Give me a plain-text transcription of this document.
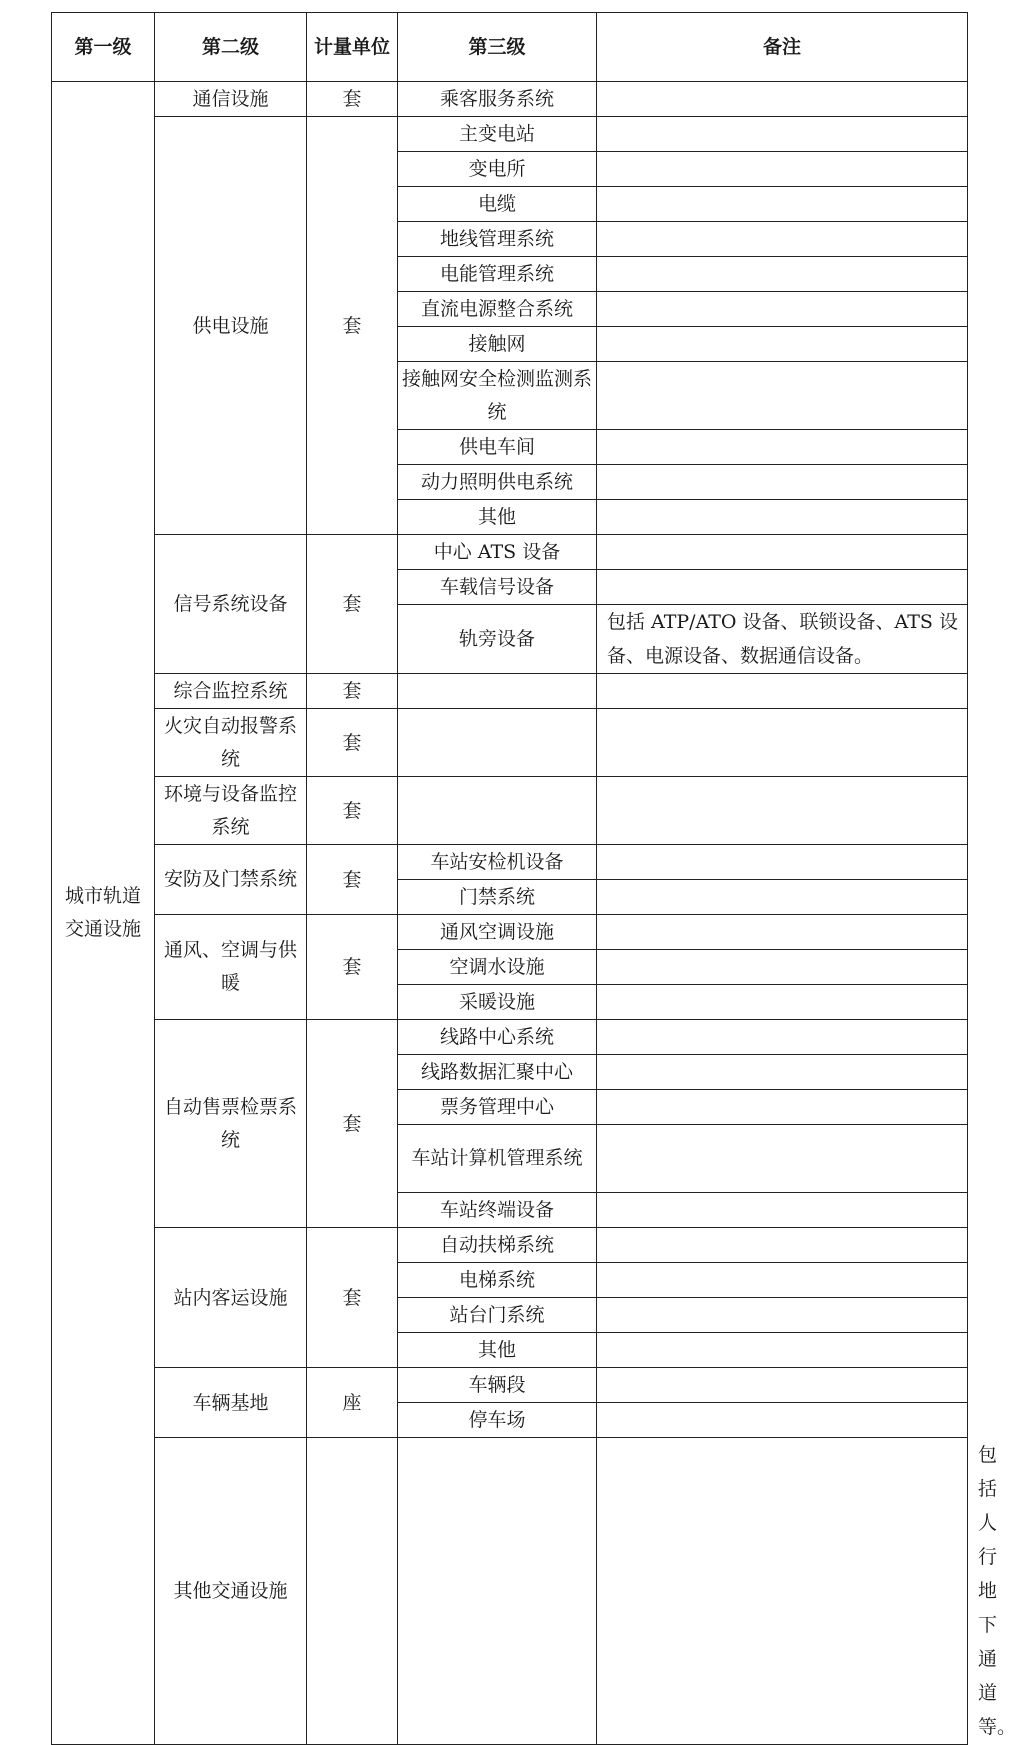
第一级	第二级	计量单位	第三级	备注	
城市轨道交通设施	通信设施	套	乘客服务系统		
	供电设施	套	主变电站		
			变电所		
			电缆		
			地线管理系统		
			电能管理系统		
			直流电源整合系统		
			接触网		
			接触网安全检测监测系统		
			供电车间		
			动力照明供电系统		
			其他		
	信号系统设备	套	中心 ATS 设备		
			车载信号设备		
			轨旁设备	包括 ATP/ATO 设备、联锁设备、ATS 设备、电源设备、数据通信设备。	
	综合监控系统	套			
	火灾自动报警系统	套			
	环境与设备监控系统	套			
	安防及门禁系统	套	车站安检机设备		
			门禁系统		
	通风、空调与供暖	套	通风空调设施		
			空调水设施		
			采暖设施		
	自动售票检票系统	套	线路中心系统		
			线路数据汇聚中心		
			票务管理中心		
			车站计算机管理系统		
			车站终端设备		
	站内客运设施	套	自动扶梯系统		
			电梯系统		
			站台门系统		
			其他		
	车辆基地	座	车辆段		
			停车场		
	其他交通设施				包括人行地下通道等。
